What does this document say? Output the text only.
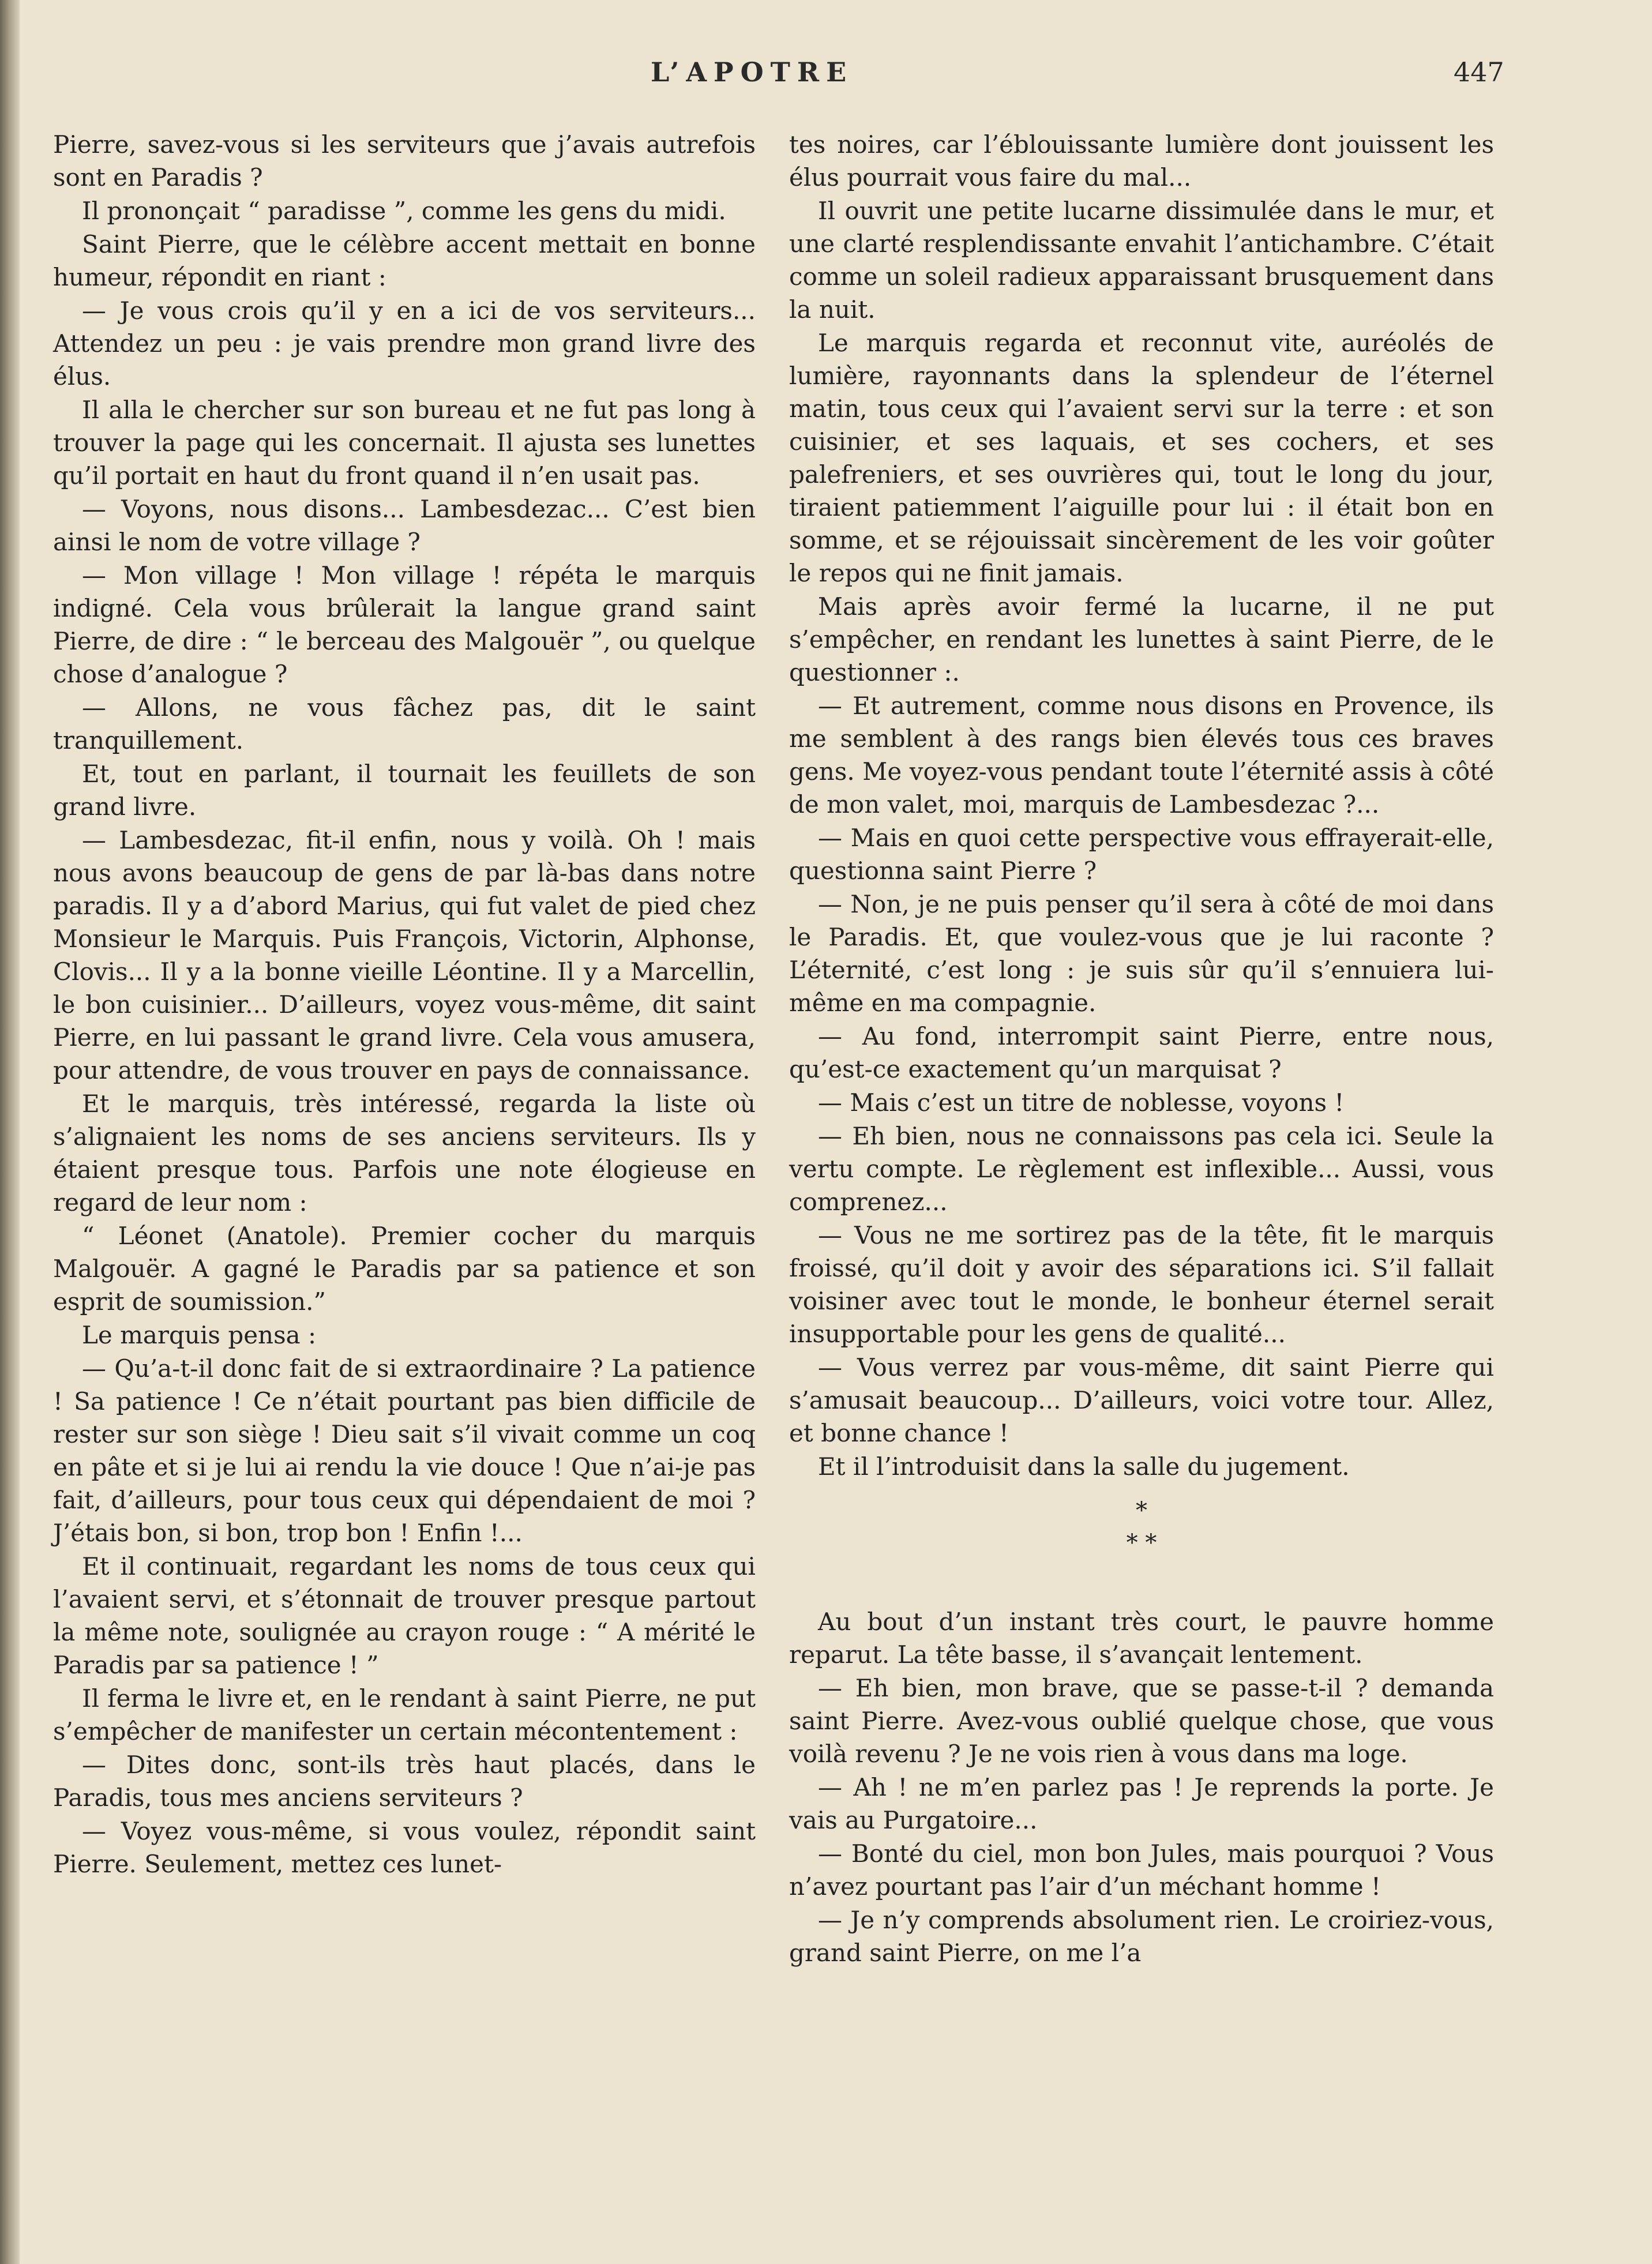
L’APOTRE	447

Pierre, savez-vous si les serviteurs que j’avais autrefois sont en Paradis ?

Il prononçait “ paradisse ”, comme les gens du midi.

Saint Pierre, que le célèbre accent mettait en bonne humeur, répondit en riant :

— Je vous crois qu’il y en a ici de vos serviteurs... Attendez un peu : je vais prendre mon grand livre des élus.

Il alla le chercher sur son bureau et ne fut pas long à trouver la page qui les concernait. Il ajusta ses lunettes qu’il portait en haut du front quand il n’en usait pas.

— Voyons, nous disons... Lambesdezac... C’est bien ainsi le nom de votre village ?

— Mon village ! Mon village ! répéta le marquis indigné. Cela vous brûlerait la langue grand saint Pierre, de dire : “ le berceau des Malgouër ”, ou quelque chose d’analogue ?

— Allons, ne vous fâchez pas, dit le saint tranquillement.

Et, tout en parlant, il tournait les feuillets de son grand livre.

— Lambesdezac, fit-il enfin, nous y voilà. Oh ! mais nous avons beaucoup de gens de par là-bas dans notre paradis. Il y a d’abord Marius, qui fut valet de pied chez Monsieur le Marquis. Puis François, Victorin, Alphonse, Clovis... Il y a la bonne vieille Léontine. Il y a Marcellin, le bon cuisinier... D’ailleurs, voyez vous-même, dit saint Pierre, en lui passant le grand livre. Cela vous amusera, pour attendre, de vous trouver en pays de connaissance.

Et le marquis, très intéressé, regarda la liste où s’alignaient les noms de ses anciens serviteurs. Ils y étaient presque tous. Parfois une note élogieuse en regard de leur nom :

“ Léonet (Anatole). Premier cocher du marquis Malgouër. A gagné le Paradis par sa patience et son esprit de soumission.”

Le marquis pensa :

— Qu’a-t-il donc fait de si extraordinaire ? La patience ! Sa patience ! Ce n’était pourtant pas bien difficile de rester sur son siège ! Dieu sait s’il vivait comme un coq en pâte et si je lui ai rendu la vie douce ! Que n’ai-je pas fait, d’ailleurs, pour tous ceux qui dépendaient de moi ? J’étais bon, si bon, trop bon ! Enfin !...

Et il continuait, regardant les noms de tous ceux qui l’avaient servi, et s’étonnait de trouver presque partout la même note, soulignée au crayon rouge : “ A mérité le Paradis par sa patience ! ”

Il ferma le livre et, en le rendant à saint Pierre, ne put s’empêcher de manifester un certain mécontentement :

— Dites donc, sont-ils très haut placés, dans le Paradis, tous mes anciens serviteurs ?

— Voyez vous-même, si vous voulez, répondit saint Pierre. Seulement, mettez ces lunet-

tes noires, car l’éblouissante lumière dont jouissent les élus pourrait vous faire du mal...

Il ouvrit une petite lucarne dissimulée dans le mur, et une clarté resplendissante envahit l’antichambre. C’était comme un soleil radieux apparaissant brusquement dans la nuit.

Le marquis regarda et reconnut vite, auréolés de lumière, rayonnants dans la splendeur de l’éternel matin, tous ceux qui l’avaient servi sur la terre : et son cuisinier, et ses laquais, et ses cochers, et ses palefreniers, et ses ouvrières qui, tout le long du jour, tiraient patiemment l’aiguille pour lui : il était bon en somme, et se réjouissait sincèrement de les voir goûter le repos qui ne finit jamais.

Mais après avoir fermé la lucarne, il ne put s’empêcher, en rendant les lunettes à saint Pierre, de le questionner :.

— Et autrement, comme nous disons en Provence, ils me semblent à des rangs bien élevés tous ces braves gens. Me voyez-vous pendant toute l’éternité assis à côté de mon valet, moi, marquis de Lambesdezac ?...

— Mais en quoi cette perspective vous effrayerait-elle, questionna saint Pierre ?

— Non, je ne puis penser qu’il sera à côté de moi dans le Paradis. Et, que voulez-vous que je lui raconte ? L’éternité, c’est long : je suis sûr qu’il s’ennuiera lui-même en ma compagnie.

— Au fond, interrompit saint Pierre, entre nous, qu’est-ce exactement qu’un marquisat ?

— Mais c’est un titre de noblesse, voyons !

— Eh bien, nous ne connaissons pas cela ici. Seule la vertu compte. Le règlement est inflexible... Aussi, vous comprenez...

— Vous ne me sortirez pas de la tête, fit le marquis froissé, qu’il doit y avoir des séparations ici. S’il fallait voisiner avec tout le monde, le bonheur éternel serait insupportable pour les gens de qualité...

— Vous verrez par vous-même, dit saint Pierre qui s’amusait beaucoup... D’ailleurs, voici votre tour. Allez, et bonne chance !

Et il l’introduisit dans la salle du jugement.

*
* *

Au bout d’un instant très court, le pauvre homme reparut. La tête basse, il s’avançait lentement.

— Eh bien, mon brave, que se passe-t-il ? demanda saint Pierre. Avez-vous oublié quelque chose, que vous voilà revenu ? Je ne vois rien à vous dans ma loge.

— Ah ! ne m’en parlez pas ! Je reprends la porte. Je vais au Purgatoire...

— Bonté du ciel, mon bon Jules, mais pourquoi ? Vous n’avez pourtant pas l’air d’un méchant homme !

— Je n’y comprends absolument rien. Le croiriez-vous, grand saint Pierre, on me l’a
